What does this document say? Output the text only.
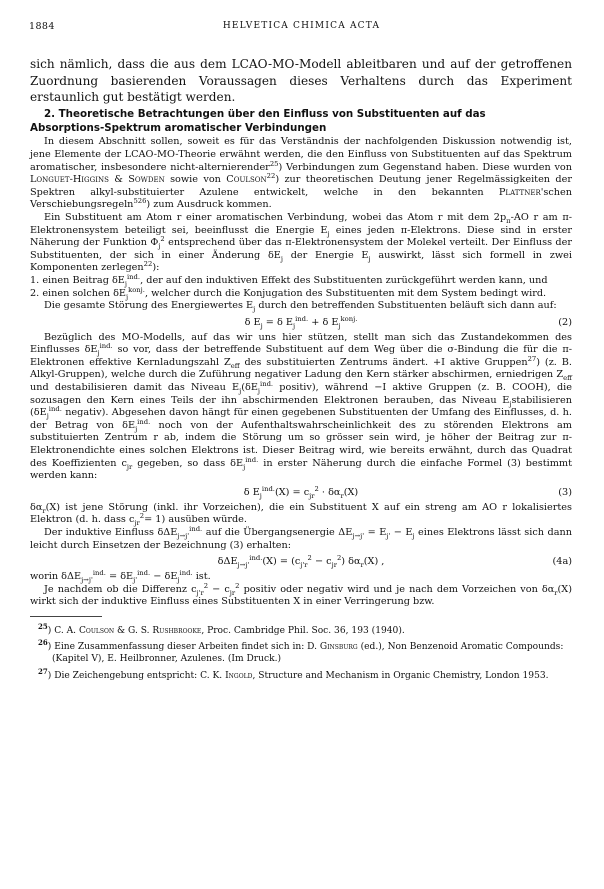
1884	HELVETICA CHIMICA ACTA

sich nämlich, dass die aus dem LCAO-MO-Modell ableitbaren und auf der getroffenen Zuordnung basierenden Voraussagen dieses Verhaltens durch das Experiment erstaunlich gut bestätigt werden.

2. Theoretische Betrachtungen über den Einfluss von Substituenten auf das
Absorptions-Spektrum aromatischer Verbindungen

In diesem Abschnitt sollen, soweit es für das Verständnis der nachfolgenden Diskussion notwendig ist, jene Elemente der LCAO-MO-Theorie erwähnt werden, die den Einfluss von Substituenten auf das Spektrum aromatischer, insbesondere nicht-alternierender$^{25}$) Verbindungen zum Gegenstand haben. Diese wurden von Longuet-Higgins & Sowden sowie von Coulson$^{22}$) zur theoretischen Deutung jener Regelmässigkeiten der Spektren alkyl-substituierter Azulene entwickelt, welche in den bekannten Plattner'schen Verschiebungsregeln$^{526}$) zum Ausdruck kommen.

Ein Substituent am Atom r einer aromatischen Verbindung, wobei das Atom r mit dem $2p_\pi-AO$ r am π-Elektronensystem beteiligt sei, beeinflusst die Energie $E_j$ eines jeden π-Elektrons. Diese sind in erster Näherung der Funktion $\Phi_j^2$ entsprechend über das π-Elektronensystem der Molekel verteilt. Der Einfluss der Substituenten, der sich in einer Änderung $\delta E_j$ der Energie $E_j$ auswirkt, lässt sich formell in zwei Komponenten zerlegen$^{22}$):

1. einen Beitrag $\delta E_j^{ind.}$, der auf den induktiven Effekt des Substituenten zurückgeführt werden kann, und

2. einen solchen $\delta E_j^{konj.}$, welcher durch die Konjugation des Substituenten mit dem System bedingt wird.

Die gesamte Störung des Energiewertes $E_j$ durch den betreffenden Substituenten beläuft sich dann auf:

δ $E_j = \delta$ $E_j^{ind.} + \delta$ $E_j^{konj.}$	(2)

Bezüglich des MO-Modells, auf das wir uns hier stützen, stellt man sich das Zustandekommen des Einflusses $\delta E_j^{ind.}$ so vor, dass der betreffende Substituent auf dem Weg über die σ-Bindung die für die π-Elektronen effektive Kernladungszahl $Z_{eff}$ des substituierten Zentrums ändert. +I aktive Gruppen$^{27}$) (z. B. Alkyl-Gruppen), welche durch die Zuführung negativer Ladung den Kern stärker abschirmen, erniedrigen $Z_{eff}$ und destabilisieren damit das Niveau $E_j(\delta E_j^{ind.}$ positiv), während −I aktive Gruppen (z. B. COOH), die sozusagen den Kern eines Teils der ihn abschirmenden Elektronen berauben, das Niveau $E_jstabilisieren$ ($\delta E_j^{ind.}$ negativ). Abgesehen davon hängt für einen gegebenen Substituenten der Umfang des Einflusses, d. h. der Betrag von $\delta E_j^{ind.}$ noch von der Aufenthaltswahrscheinlichkeit des zu störenden Elektrons am substituierten Zentrum r ab, indem die Störung um so grösser sein wird, je höher der Beitrag zur π-Elektronendichte eines solchen Elektrons ist. Dieser Beitrag wird, wie bereits erwähnt, durch das Quadrat des Koeffizienten $c_{jr}$ gegeben, so dass $\delta E_j^{ind.}$ in erster Näherung durch die einfache Formel (3) bestimmt werden kann:

δ $E_j^{ind.}(X) = c_{jr}^2 \cdot \delta\alpha_r(X)$	(3)

$\delta\alpha_r(X)$ ist jene Störung (inkl. ihr Vorzeichen), die ein Substituent X auf ein streng am AO r lokalisiertes Elektron (d. h. dass $c_{jr}^2= 1$) ausüben würde.

Der induktive Einfluss δΔE$_{j\to j'}^{ind.}$ auf die Übergangsenergie $\Delta E_{j\to j'} = E_{j'} - E_j$ eines Elektrons lässt sich dann leicht durch Einsetzen der Bezeichnung (3) erhalten:

$\delta\Delta E_{j\to j'}^{ind.}(X) = (c_{j'r}^2 - c_{jr}^2)$ $\delta\alpha_r(X)$ ,	(4a)

worin $\delta\Delta E_{j\to j'}^{ind.} = \delta E_{j'}^{ind.} - \delta E_j^{ind.}$ ist.

Je nachdem ob die Differenz $c_{j'r}^2 - c_{jr}^2$ positiv oder negativ wird und je nach dem Vorzeichen von $\delta\alpha_r(X)$ wirkt sich der induktive Einfluss eines Substituenten X in einer Verringerung bzw.

$^{25}$) C. A. Coulson & G. S. Rushbrooke, Proc. Cambridge Phil. Soc. 36, 193 (1940).

$^{26}$) Eine Zusammenfassung dieser Arbeiten findet sich in: D. Ginsburg (ed.), Non Benzenoid Aromatic Compounds: (Kapitel V), E. Heilbronner, Azulenes. (Im Druck.)

$^{27}$) Die Zeichengebung entspricht: C. K. Ingold, Structure and Mechanism in Organic Chemistry, London 1953.
